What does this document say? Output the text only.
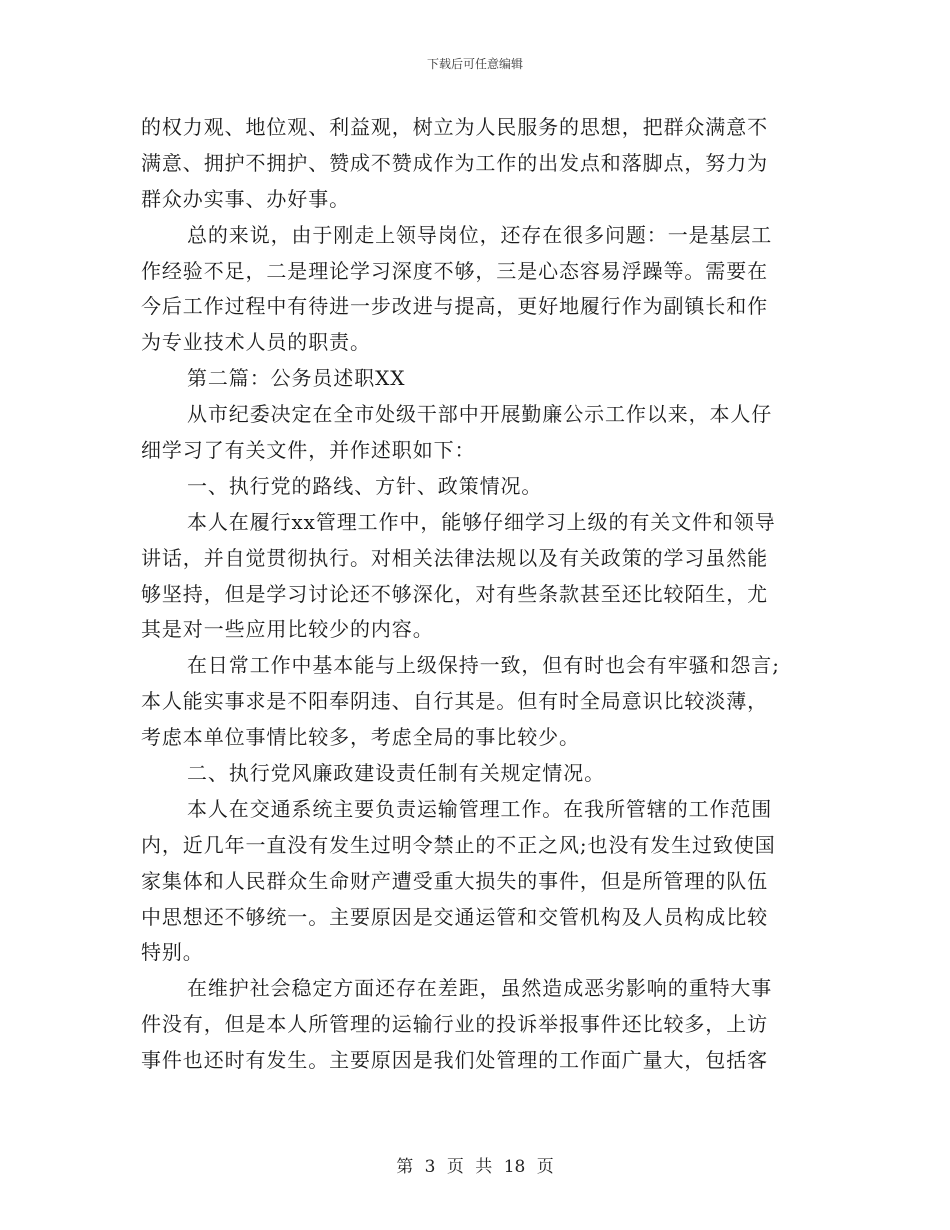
下载后可任意编辑
的权力观、地位观、利益观，树立为人民服务的思想，把群众满意不
满意、拥护不拥护、赞成不赞成作为工作的出发点和落脚点，努力为
群众办实事、办好事。
总的来说，由于刚走上领导岗位，还存在很多问题：一是基层工
作经验不足，二是理论学习深度不够，三是心态容易浮躁等。需要在
今后工作过程中有待进一步改进与提高，更好地履行作为副镇长和作
为专业技术人员的职责。
第二篇：公务员述职XX
从市纪委决定在全市处级干部中开展勤廉公示工作以来，本人仔
细学习了有关文件，并作述职如下：
一、执行党的路线、方针、政策情况。
本人在履行xx管理工作中，能够仔细学习上级的有关文件和领导
讲话，并自觉贯彻执行。对相关法律法规以及有关政策的学习虽然能
够坚持，但是学习讨论还不够深化，对有些条款甚至还比较陌生，尤
其是对一些应用比较少的内容。
在日常工作中基本能与上级保持一致，但有时也会有牢骚和怨言;
本人能实事求是不阳奉阴违、自行其是。但有时全局意识比较淡薄，
考虑本单位事情比较多，考虑全局的事比较少。
二、执行党风廉政建设责任制有关规定情况。
本人在交通系统主要负责运输管理工作。在我所管辖的工作范围
内，近几年一直没有发生过明令禁止的不正之风;也没有发生过致使国
家集体和人民群众生命财产遭受重大损失的事件，但是所管理的队伍
中思想还不够统一。主要原因是交通运管和交管机构及人员构成比较
特别。
在维护社会稳定方面还存在差距，虽然造成恶劣影响的重特大事
件没有，但是本人所管理的运输行业的投诉举报事件还比较多，上访
事件也还时有发生。主要原因是我们处管理的工作面广量大，包括客
第 3 页 共 18 页
